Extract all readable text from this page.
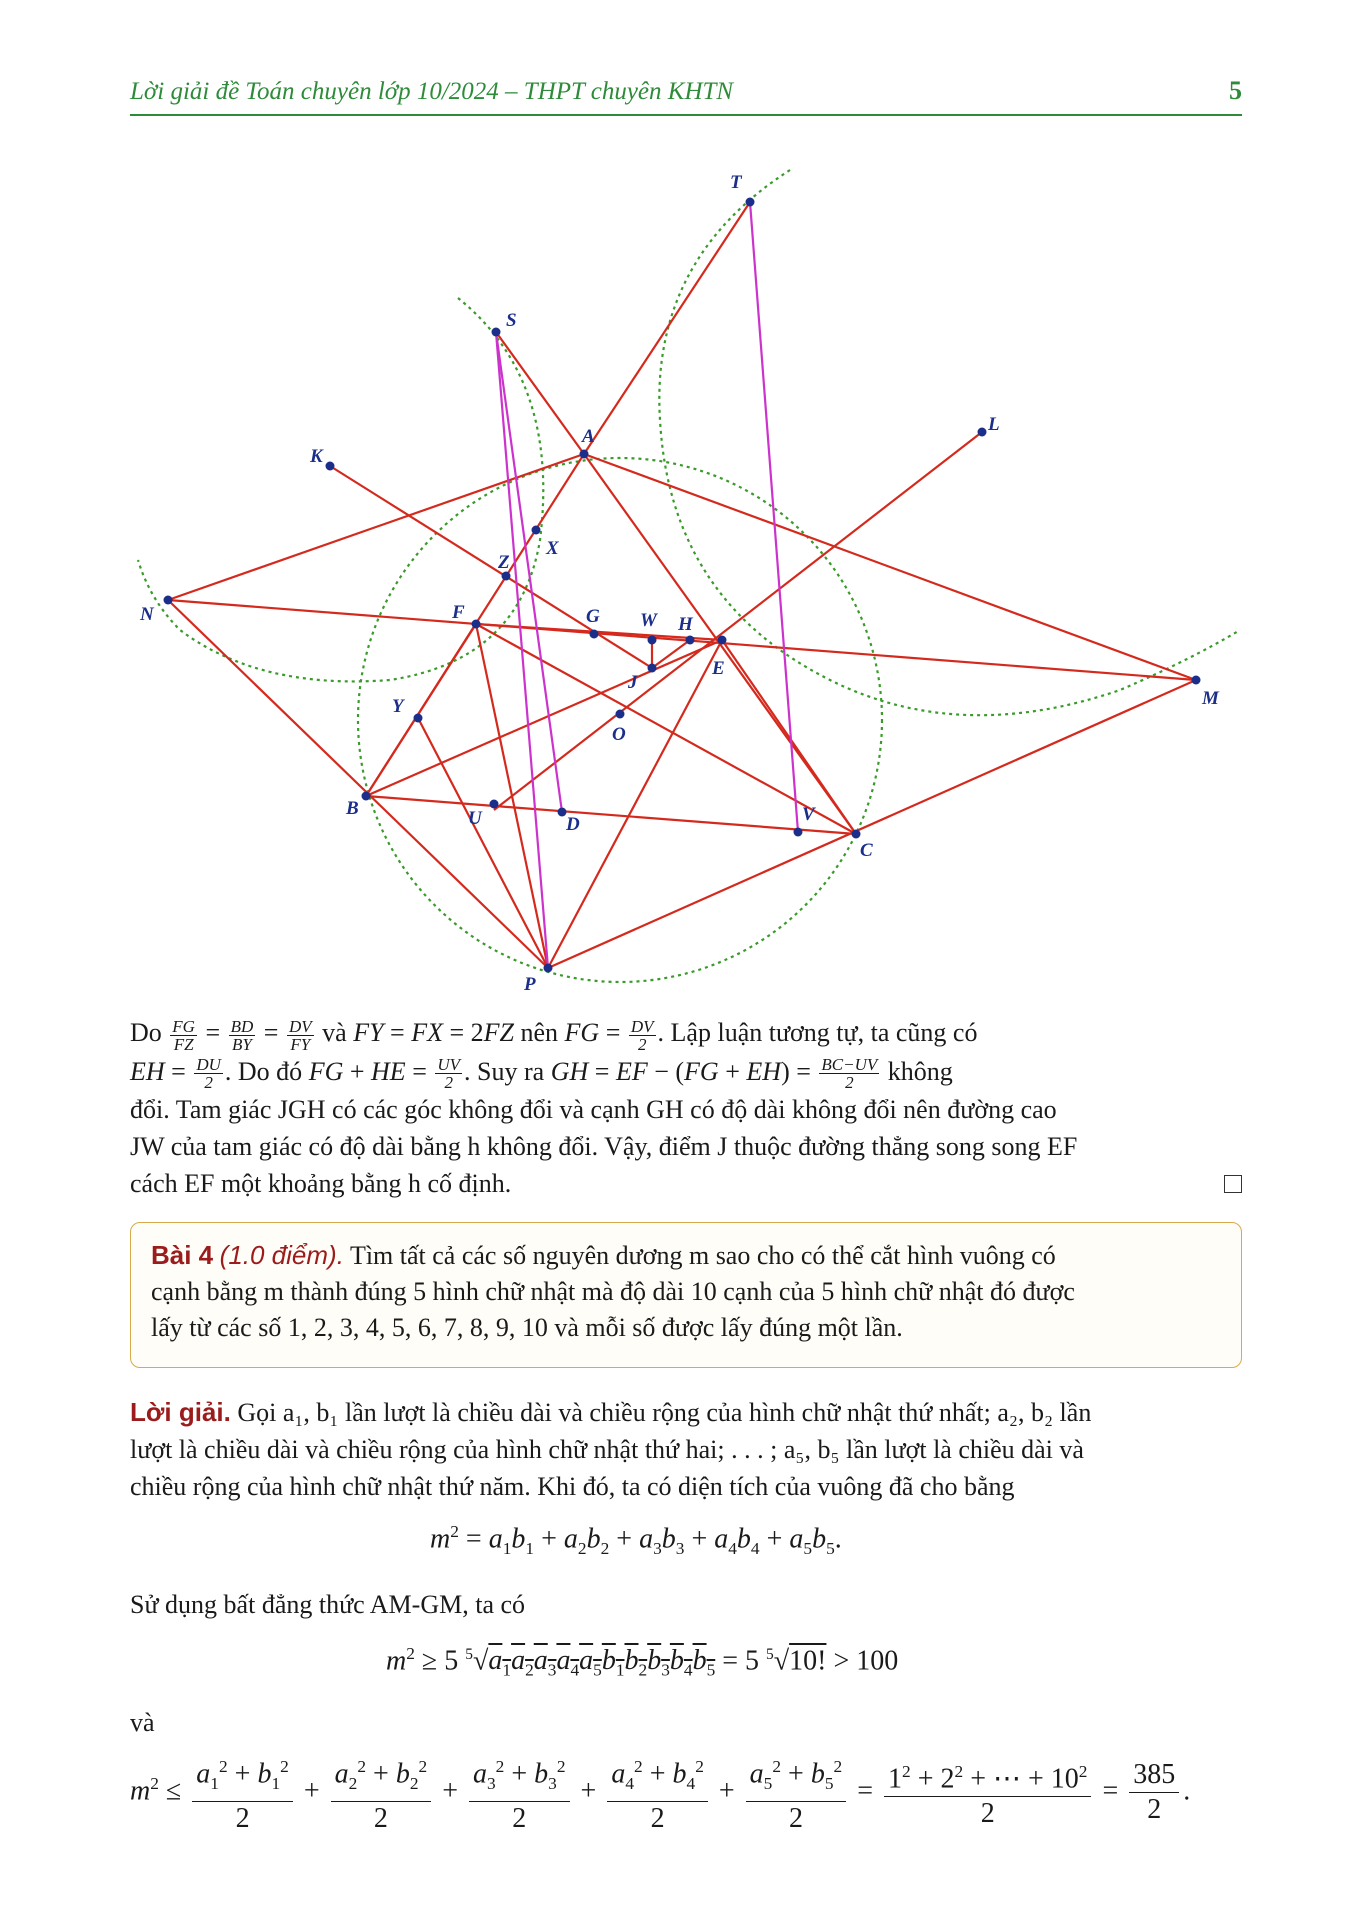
Lời giải đề Toán chuyên lớp 10/2024 – THPT chuyên KHTN	5
T
S
A
L
K
X
Z
N	F	G W H
J
E
M
Y
O
B	U	D	V
C
P
Do $\frac{FG}{FZ} = \frac{BD}{BY} = \frac{DV}{FY}$ và FY = FX = 2FZ nên FG = $\frac{DV}{2}$ . Lập luận tương tự, ta cũng có
EH = $\frac{DU}{2}$ . Do đó FG + HE = $\frac{UV}{2}$ . Suy ra GH = EF − $(FG + EH) = \frac{BC-UV}{2}$ không
đổi. Tam giác JGH có các góc không đổi và cạnh GH có độ dài không đổi nên đường cao
JW của tam giác có độ dài bằng h không đổi. Vậy, điểm J thuộc đường thẳng song song EF
cách EF một khoảng bằng h cố định.
Bài 4 (1.0 điểm). Tìm tất cả các số nguyên dương m sao cho có thể cắt hình vuông có
cạnh bằng m thành đúng 5 hình chữ nhật mà độ dài 10 cạnh của 5 hình chữ nhật đó được
lấy từ các số 1, 2, 3, 4, 5, 6, 7, 8, 9, 10 và mỗi số được lấy đúng một lần.
Lời giải. Gọi a₁, b₁ lần lượt là chiều dài và chiều rộng của hình chữ nhật thứ nhất; a₂, b₂ lần
lượt là chiều dài và chiều rộng của hình chữ nhật thứ hai; . . . ; a₅, b₅ lần lượt là chiều dài và
chiều rộng của hình chữ nhật thứ năm. Khi đó, ta có diện tích của vuông đã cho bằng
$m^2 = a_1b_1 + a_2b_2 + a_3b_3 + a_4b_4 + a_5b_5$.
Sử dụng bất đẳng thức AM-GM, ta có
$m^2 \ge 5$ $^5√a_1a_2a_3a_4a_5b_1b_2b_3b_4b_5 = 5$ $^5$√10! > 100
và
$m^2 \le \frac{a_1^2 + b_1^2}{2} + \frac{a_2^2 + b_2^2}{2} + \frac{a_3^2 + b_3^2}{2} + \frac{a_4^2 + b_4^2}{2} + \frac{a_5^2 + b_5^2}{2} = \frac{1^2 + 2^2 + \cdots + 10^2}{2} = \frac{385}{2}$ .
